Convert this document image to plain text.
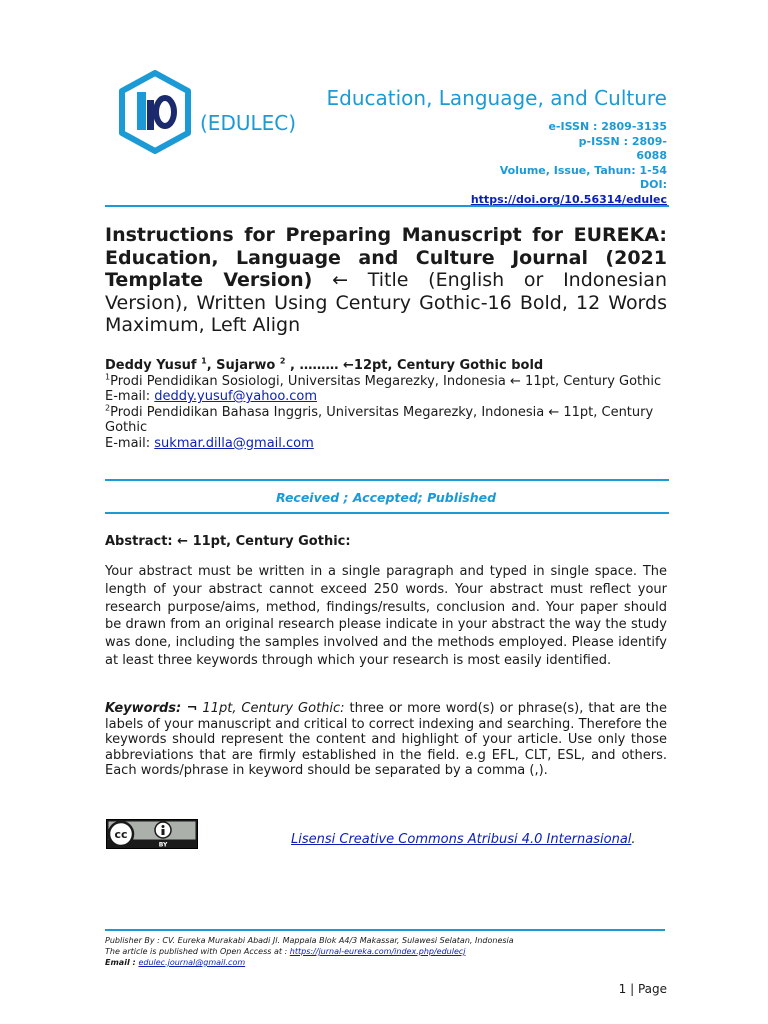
Education, Language, and Culture
(EDULEC)	e-ISSN : 2809-3135
p-ISSN : 2809-
6088
Volume, Issue, Tahun: 1-54
DOI:
https://doi.org/10.56314/edulec
Instructions for Preparing Manuscript for EUREKA: Education, Language and Culture Journal (2021 Template Version) ← Title (English or Indonesian Version), Written Using Century Gothic-16 Bold, 12 Words Maximum, Left Align
Deddy Yusuf $^1$, Sujarwo $^2$ , ……… ←12pt, Century Gothic bold
$^1$Prodi Pendidikan Sosiologi, Universitas Megarezky, Indonesia ← 11pt, Century Gothic
E-mail: deddy.yusuf@yahoo.com
$^2$Prodi Pendidikan Bahasa Inggris, Universitas Megarezky, Indonesia ← 11pt, Century Gothic
E-mail: sukmar.dilla@gmail.com
Received ; Accepted; Published
Abstract: ← 11pt, Century Gothic:
Your abstract must be written in a single paragraph and typed in single space. The length of your abstract cannot exceed 250 words. Your abstract must reflect your research purpose/aims, method, findings/results, conclusion and. Your paper should be drawn from an original research please indicate in your abstract the way the study was done, including the samples involved and the methods employed. Please identify at least three keywords through which your research is most easily identified.
Keywords: ¬ 11pt, Century Gothic: three or more word(s) or phrase(s), that are the labels of your manuscript and critical to correct indexing and searching. Therefore the keywords should represent the content and highlight of your article. Use only those abbreviations that are firmly established in the field. e.g EFL, CLT, ESL, and others. Each words/phrase in keyword should be separated by a comma (,).
cc
BY	Lisensi Creative Commons Atribusi 4.0 Internasional.
Publisher By : CV. Eureka Murakabi Abadi Jl. Mappala Blok A4/3 Makassar, Sulawesi Selatan, Indonesia
The article is published with Open Access at : https://jurnal-eureka.com/index.php/edulecj
Email : edulec.journal@gmail.com
1 | Page
